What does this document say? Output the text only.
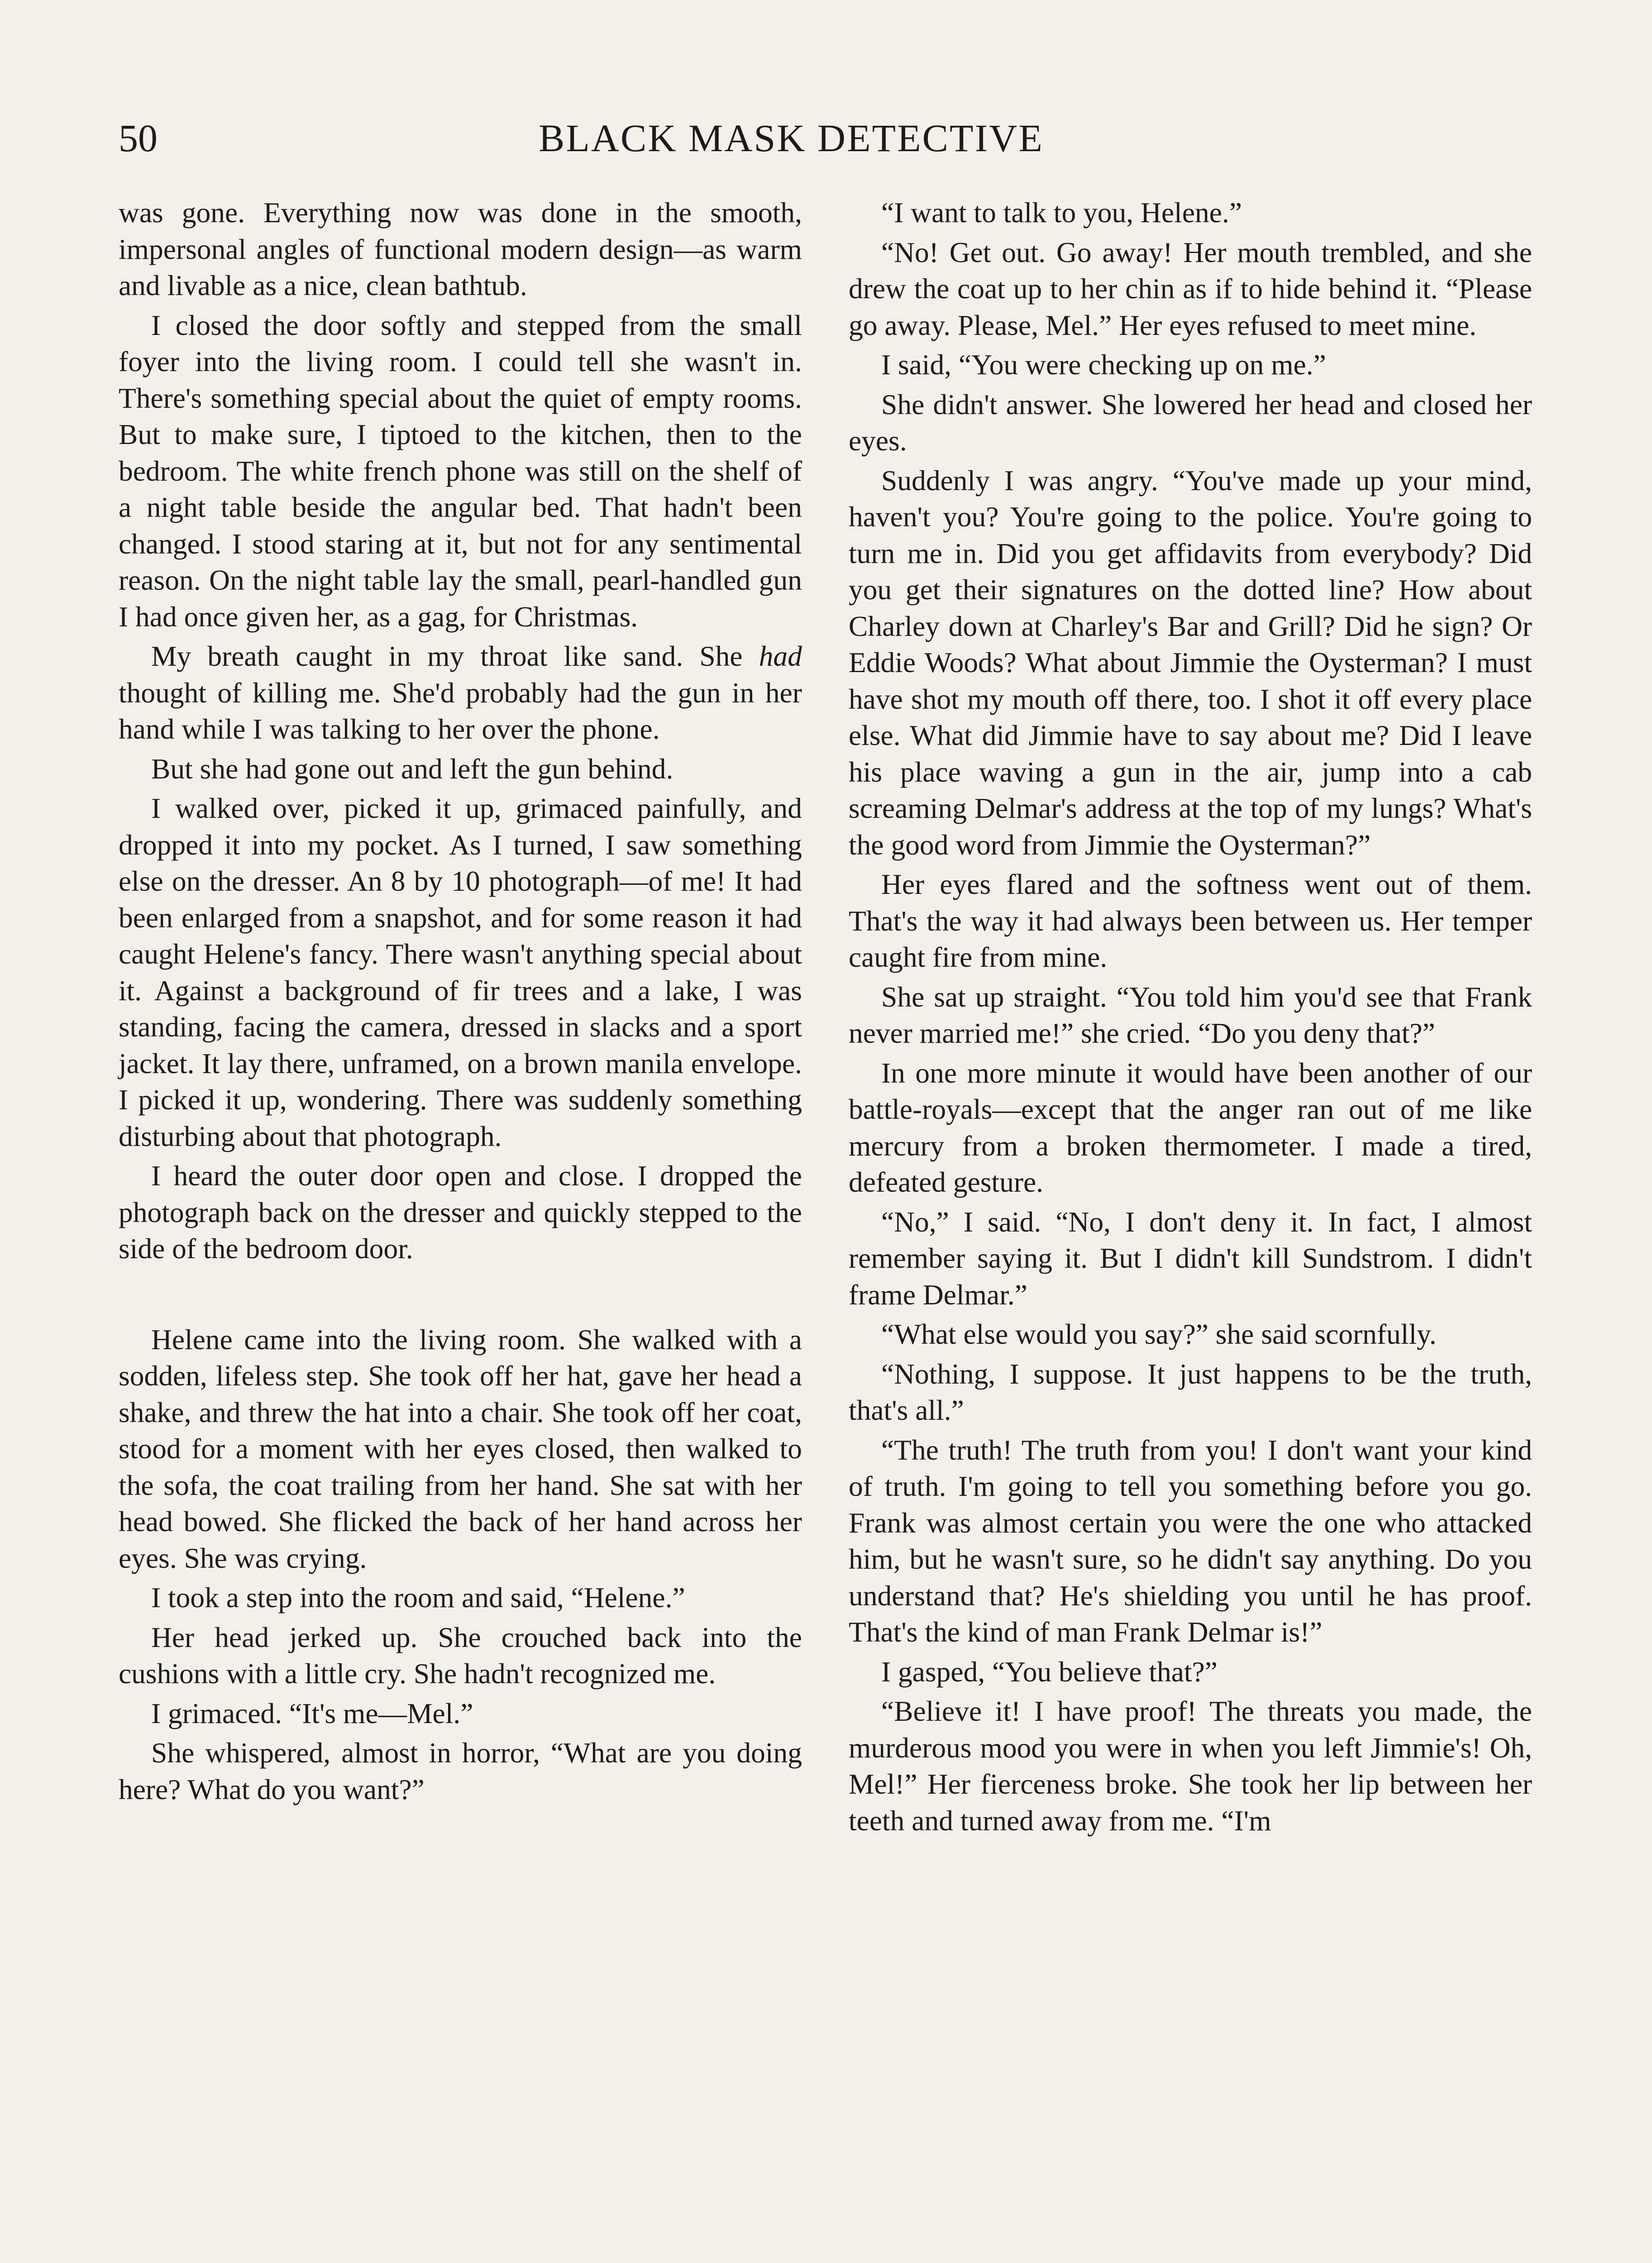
50	BLACK MASK DETECTIVE

was gone. Everything now was done in the smooth, impersonal angles of functional modern design—as warm and livable as a nice, clean bathtub.

I closed the door softly and stepped from the small foyer into the living room. I could tell she wasn't in. There's something special about the quiet of empty rooms. But to make sure, I tiptoed to the kitchen, then to the bedroom. The white french phone was still on the shelf of a night table beside the angular bed. That hadn't been changed. I stood staring at it, but not for any sentimental reason. On the night table lay the small, pearl-handled gun I had once given her, as a gag, for Christmas.

My breath caught in my throat like sand. She had thought of killing me. She'd probably had the gun in her hand while I was talking to her over the phone.

But she had gone out and left the gun behind.

I walked over, picked it up, grimaced painfully, and dropped it into my pocket. As I turned, I saw something else on the dresser. An 8 by 10 photograph—of me! It had been enlarged from a snapshot, and for some reason it had caught Helene's fancy. There wasn't anything special about it. Against a background of fir trees and a lake, I was standing, facing the camera, dressed in slacks and a sport jacket. It lay there, unframed, on a brown manila envelope. I picked it up, wondering. There was suddenly something disturbing about that photograph.

I heard the outer door open and close. I dropped the photograph back on the dresser and quickly stepped to the side of the bedroom door.

Helene came into the living room. She walked with a sodden, lifeless step. She took off her hat, gave her head a shake, and threw the hat into a chair. She took off her coat, stood for a moment with her eyes closed, then walked to the sofa, the coat trailing from her hand. She sat with her head bowed. She flicked the back of her hand across her eyes. She was crying.

I took a step into the room and said, “Helene.”

Her head jerked up. She crouched back into the cushions with a little cry. She hadn't recognized me.

I grimaced. “It's me—Mel.”

She whispered, almost in horror, “What are you doing here? What do you want?”

“I want to talk to you, Helene.”

“No! Get out. Go away! Her mouth trembled, and she drew the coat up to her chin as if to hide behind it. “Please go away. Please, Mel.” Her eyes refused to meet mine.

I said, “You were checking up on me.”

She didn't answer. She lowered her head and closed her eyes.

Suddenly I was angry. “You've made up your mind, haven't you? You're going to the police. You're going to turn me in. Did you get affidavits from everybody? Did you get their signatures on the dotted line? How about Charley down at Charley's Bar and Grill? Did he sign? Or Eddie Woods? What about Jimmie the Oysterman? I must have shot my mouth off there, too. I shot it off every place else. What did Jimmie have to say about me? Did I leave his place waving a gun in the air, jump into a cab screaming Delmar's address at the top of my lungs? What's the good word from Jimmie the Oysterman?”

Her eyes flared and the softness went out of them. That's the way it had always been between us. Her temper caught fire from mine.

She sat up straight. “You told him you'd see that Frank never married me!” she cried. “Do you deny that?”

In one more minute it would have been another of our battle-royals—except that the anger ran out of me like mercury from a broken thermometer. I made a tired, defeated gesture.

“No,” I said. “No, I don't deny it. In fact, I almost remember saying it. But I didn't kill Sundstrom. I didn't frame Delmar.”

“What else would you say?” she said scornfully.

“Nothing, I suppose. It just happens to be the truth, that's all.”

“The truth! The truth from you! I don't want your kind of truth. I'm going to tell you something before you go. Frank was almost certain you were the one who attacked him, but he wasn't sure, so he didn't say anything. Do you understand that? He's shielding you until he has proof. That's the kind of man Frank Delmar is!”

I gasped, “You believe that?”

“Believe it! I have proof! The threats you made, the murderous mood you were in when you left Jimmie's! Oh, Mel!” Her fierceness broke. She took her lip between her teeth and turned away from me. “I'm
